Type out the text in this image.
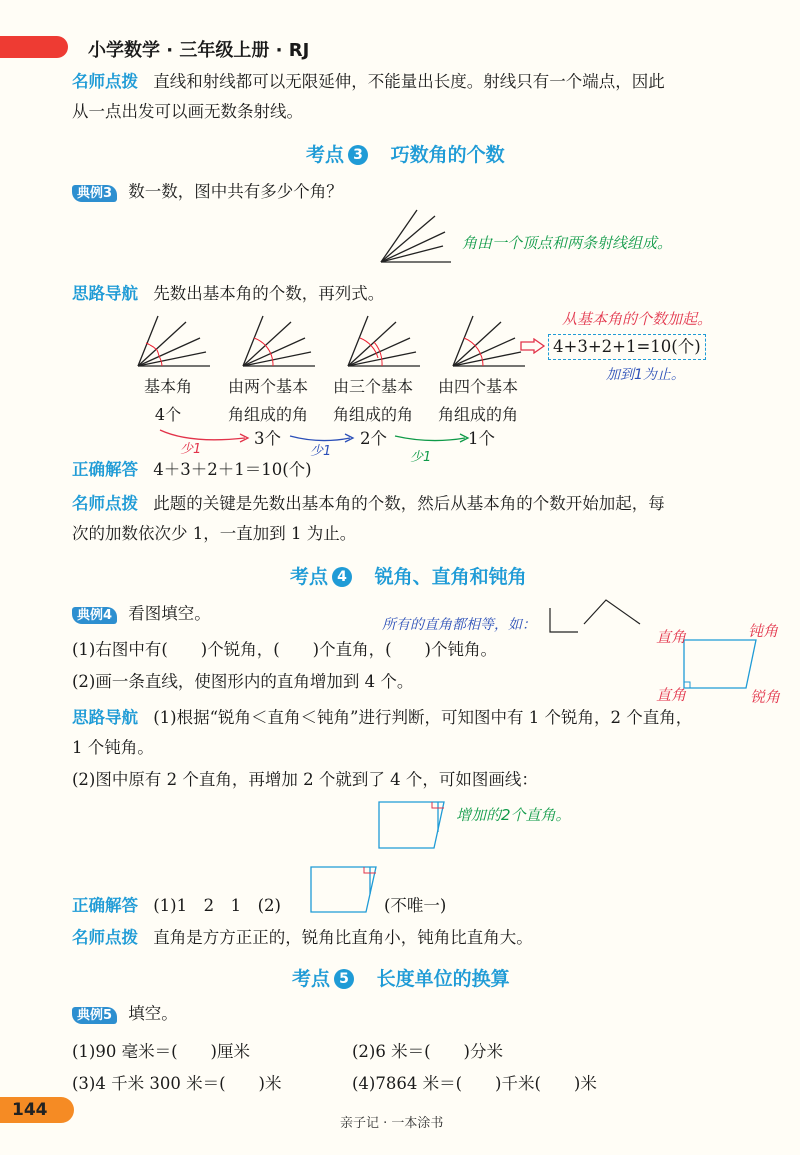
小学数学 · 三年级上册 · RJ
名师点拨 直线和射线都可以无限延伸，不能量出长度。射线只有一个端点，因此
从一点出发可以画无数条射线。
考点 3 巧数角的个数
典例3 数一数，图中共有多少个角？
角由一个顶点和两条射线组成。
思路导航 先数出基本角的个数，再列式。
从基本角的个数加起。
4+3+2+1=10(个)
加到1为止。
基本角
4个
由两个基本
角组成的角
由三个基本
角组成的角
由四个基本
角组成的角
3个	2个	1个
少1	少1	少1
正确解答 4＋3＋2＋1＝10(个)
名师点拨 此题的关键是先数出基本角的个数，然后从基本角的个数开始加起，每
次的加数依次少 1，一直加到 1 为止。
考点 4 锐角、直角和钝角
典例4 看图填空。
所有的直角都相等，如：
(1)右图中有(　　)个锐角，(　　)个直角，(　　)个钝角。
(2)画一条直线，使图形内的直角增加到 4 个。
直角	钝角
直角	锐角
思路导航 (1)根据“锐角＜直角＜钝角”进行判断，可知图中有 1 个锐角，2 个直角，
1 个钝角。
(2)图中原有 2 个直角，再增加 2 个就到了 4 个，可如图画线：
增加的2个直角。
正确解答 (1)1　2　1　(2)	(不唯一)
名师点拨 直角是方方正正的，锐角比直角小，钝角比直角大。
考点 5 长度单位的换算
典例5 填空。
(1)90 毫米＝(　　)厘米	(2)6 米＝(　　)分米
(3)4 千米 300 米＝(　　)米	(4)7864 米＝(　　)千米(　　)米
144
亲子记 · 一本涂书
